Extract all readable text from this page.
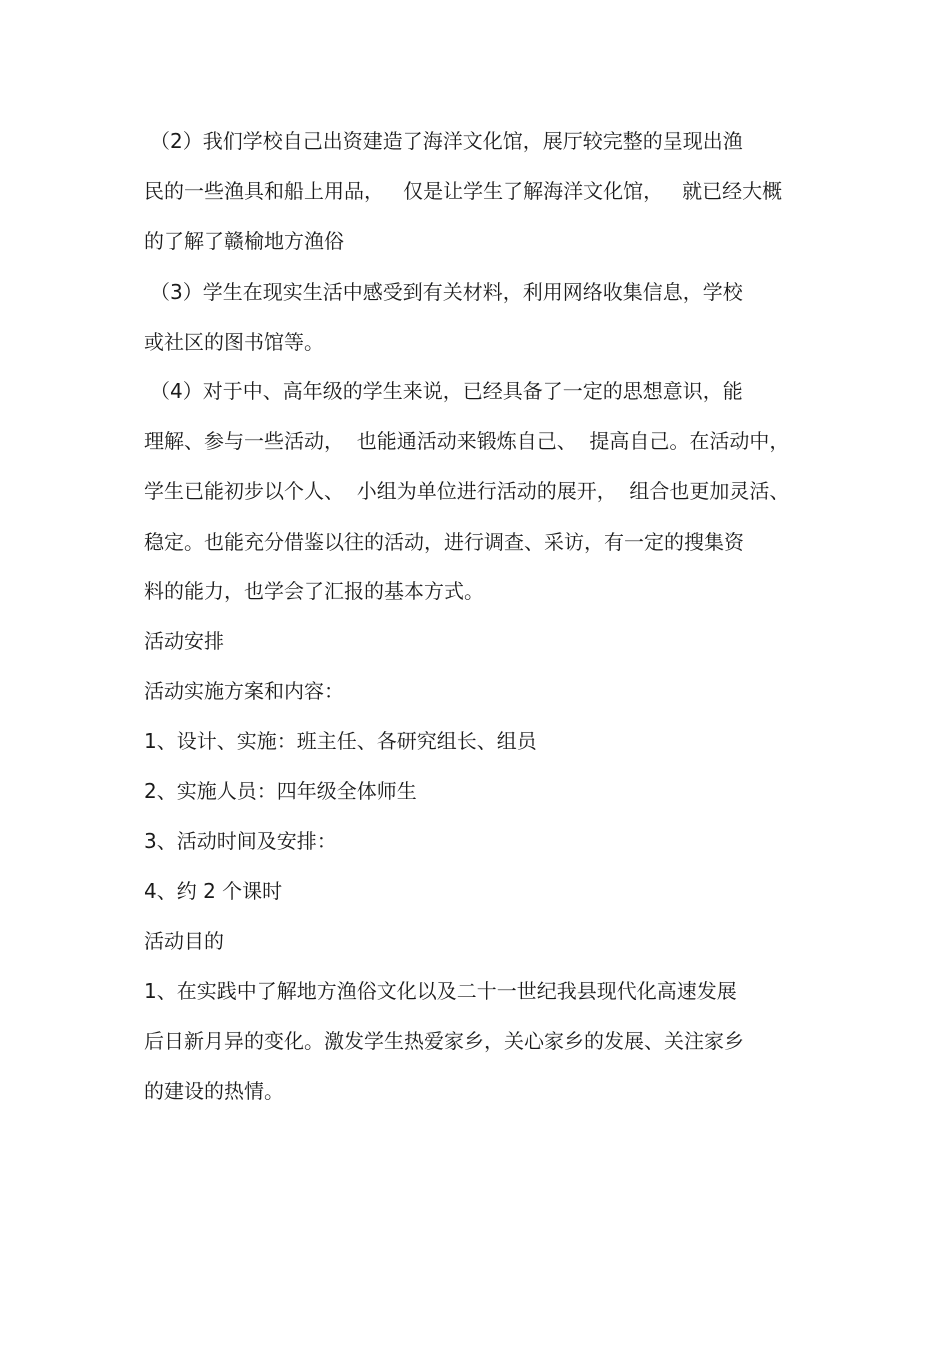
（2）我们学校自己出资建造了海洋文化馆，展厅较完整的呈现出渔
民的一些渔具和船上用品，   仅是让学生了解海洋文化馆，   就已经大概
的了解了赣榆地方渔俗
（3）学生在现实生活中感受到有关材料，利用网络收集信息，学校
或社区的图书馆等。
（4）对于中、高年级的学生来说，已经具备了一定的思想意识，能
理解、参与一些活动，  也能通活动来锻炼自己、  提高自己。在活动中，
学生已能初步以个人、  小组为单位进行活动的展开，  组合也更加灵活、
稳定。也能充分借鉴以往的活动，进行调查、采访，有一定的搜集资
料的能力，也学会了汇报的基本方式。
活动安排
活动实施方案和内容：
1、设计、实施：班主任、各研究组长、组员
2、实施人员：四年级全体师生
3、活动时间及安排：
4、约 2 个课时
活动目的
1、在实践中了解地方渔俗文化以及二十一世纪我县现代化高速发展
后日新月异的变化。激发学生热爱家乡，关心家乡的发展、关注家乡
的建设的热情。
